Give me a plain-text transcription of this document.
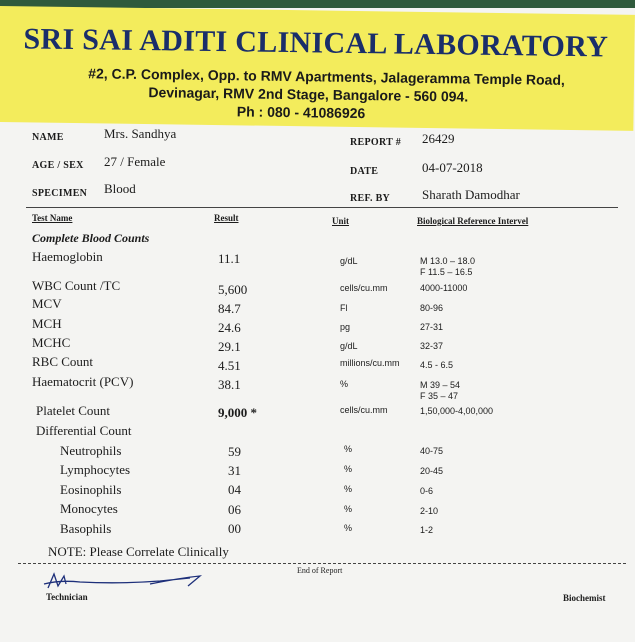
SRI SAI ADITI CLINICAL LABORATORY
#2, C.P. Complex, Opp. to RMV Apartments, Jalageramma Temple Road,
Devinagar, RMV 2nd Stage, Bangalore - 560 094.
Ph : 080 - 41086926
NAME	Mrs. Sandhya
AGE / SEX 27 / Female
SPECIMEN Blood
REPORT # 26429
DATE	04-07-2018
REF. BY Sharath Damodhar
Test Name	Result	Unit	Biological Reference Intervel
Complete Blood Counts
Haemoglobin	11.1	g/dL	M 13.0 – 18.0
F 11.5 – 16.5
WBC Count /TC	5,600	cells/cu.mm	4000-11000
MCV	84.7	Fl	80-96
MCH	24.6	pg	27-31
MCHC	29.1	g/dL	32-37
RBC Count	4.51	millions/cu.mm 4.5 - 6.5
Haematocrit (PCV)	38.1	%	M 39 – 54
F 35 – 47
Platelet Count	9,000 *	cells/cu.mm	1,50,000-4,00,000
Differential Count
Neutrophils	59	%	40-75
Lymphocytes	31	%	20-45
Eosinophils	04	%	0-6
Monocytes	06	%	2-10
Basophils	00	%	1-2
NOTE: Please Correlate Clinically
End of Report
Technician	Biochemist
